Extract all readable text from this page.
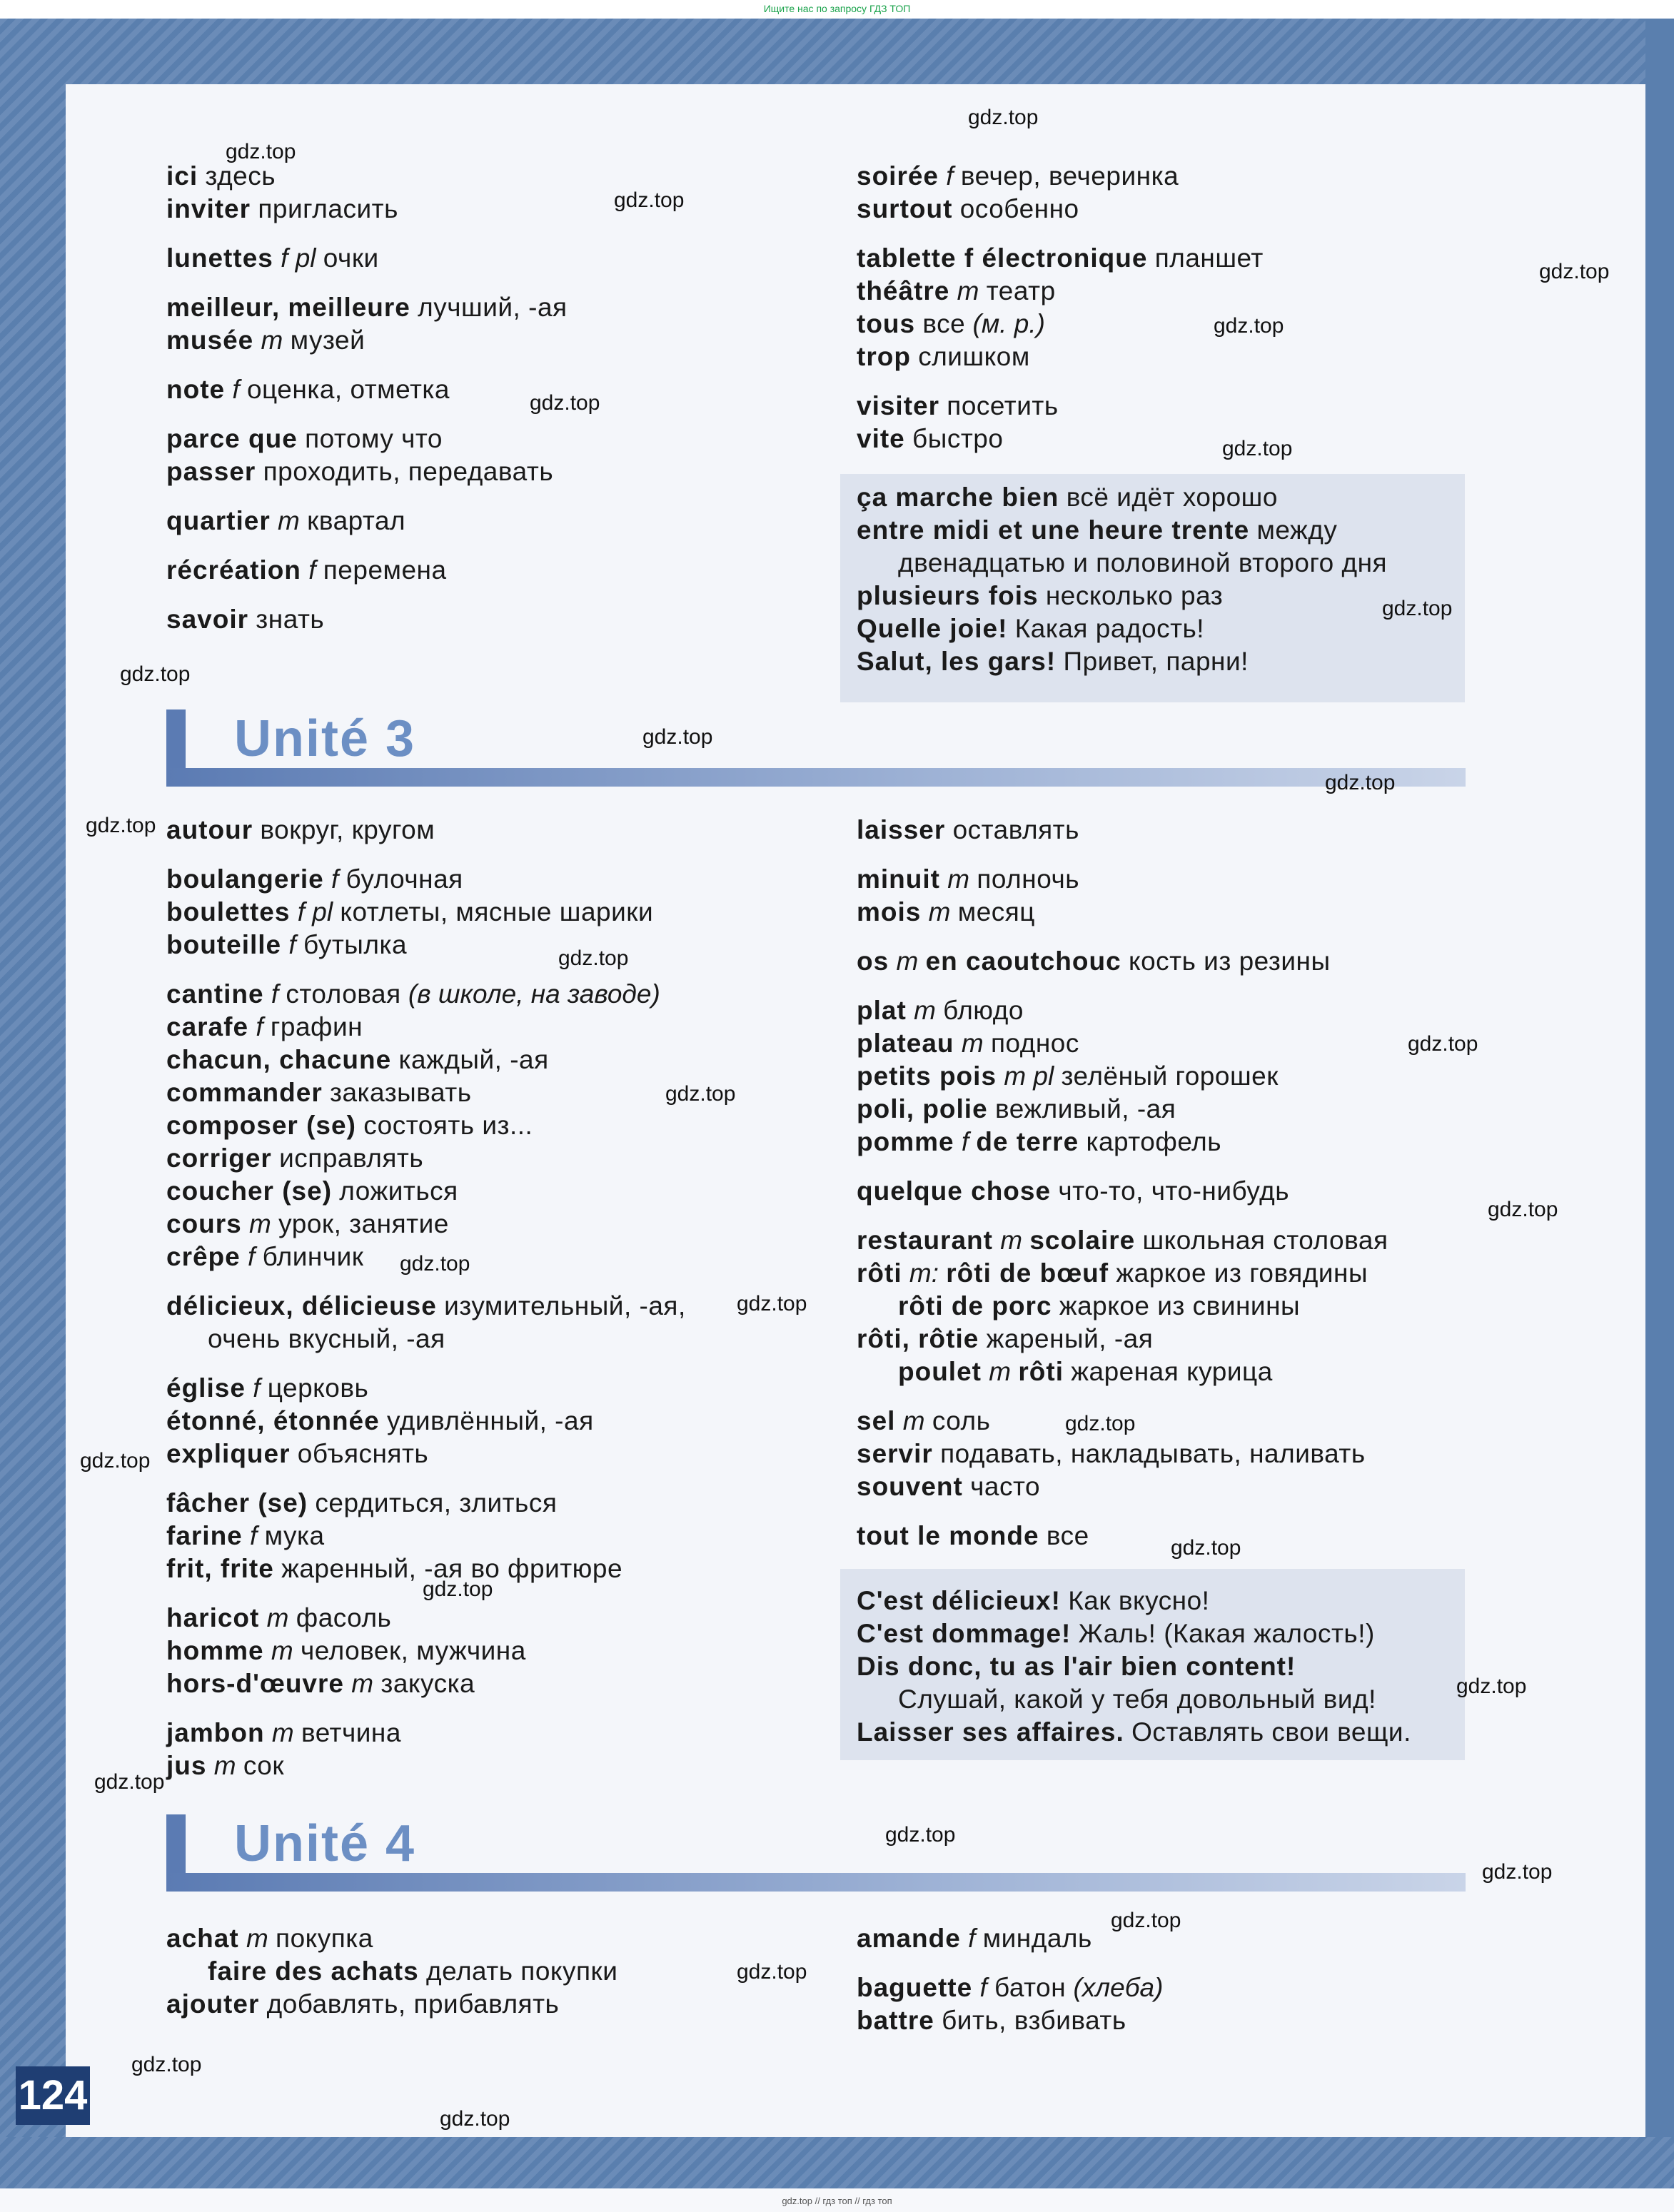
Ищите нас по запросу ГДЗ ТОП
ici здесь
inviter пригласить
lunettes f pl очки
meilleur, meilleure лучший, -ая
musée m музей
note f оценка, отметка
parce que потому что
passer проходить, передавать
quartier m квартал
récréation f перемена
savoir знать
soirée f вечер, вечеринка
surtout особенно
tablette f électronique планшет
théâtre m театр
tous все (м. р.)
trop слишком
visiter посетить
vite быстро
ça marche bien всё идёт хорошо
entre midi et une heure trente между
двенадцатью и половиной второго дня
plusieurs fois несколько раз
Quelle joie! Какая радость!
Salut, les gars! Привет, парни!
Unité 3
autour вокруг, кругом
boulangerie f булочная
boulettes f pl котлеты, мясные шарики
bouteille f бутылка
cantine f столовая (в школе, на заводе)
carafe f графин
chacun, chacune каждый, -ая
commander заказывать
composer (se) состоять из...
corriger исправлять
coucher (se) ложиться
cours m урок, занятие
crêpe f блинчик
délicieux, délicieuse изумительный, -ая,
очень вкусный, -ая
église f церковь
étonné, étonnée удивлённый, -ая
expliquer объяснять
fâcher (se) сердиться, злиться
farine f мука
frit, frite жаренный, -ая во фритюре
haricot m фасоль
homme m человек, мужчина
hors-d'œuvre m закуска
jambon m ветчина
jus m сок
laisser оставлять
minuit m полночь
mois m месяц
os m en caoutchouc кость из резины
plat m блюдо
plateau m поднос
petits pois m pl зелёный горошек
poli, polie вежливый, -ая
pomme f de terre картофель
quelque chose что-то, что-нибудь
restaurant m scolaire школьная столовая
rôti m: rôti de bœuf жаркое из говядины
rôti de porc жаркое из свинины
rôti, rôtie жареный, -ая
poulet m rôti жареная курица
sel m соль
servir подавать, накладывать, наливать
souvent часто
tout le monde все
C'est délicieux! Как вкусно!
C'est dommage! Жаль! (Какая жалость!)
Dis donc, tu as l'air bien content!
Слушай, какой у тебя довольный вид!
Laisser ses affaires. Оставлять свои вещи.
Unité 4
achat m покупка
faire des achats делать покупки
ajouter добавлять, прибавлять
amande f миндаль
baguette f батон (хлеба)
battre бить, взбивать
124
gdz.top
gdz.top
gdz.top
gdz.top
gdz.top
gdz.top
gdz.top
gdz.top
gdz.top
gdz.top
gdz.top
gdz.top
gdz.top
gdz.top
gdz.top
gdz.top
gdz.top
gdz.top
gdz.top
gdz.top
gdz.top
gdz.top
gdz.top
gdz.top
gdz.top
gdz.top
gdz.top
gdz.top
gdz.top
gdz.top
gdz.top // гдз топ // гдз топ
